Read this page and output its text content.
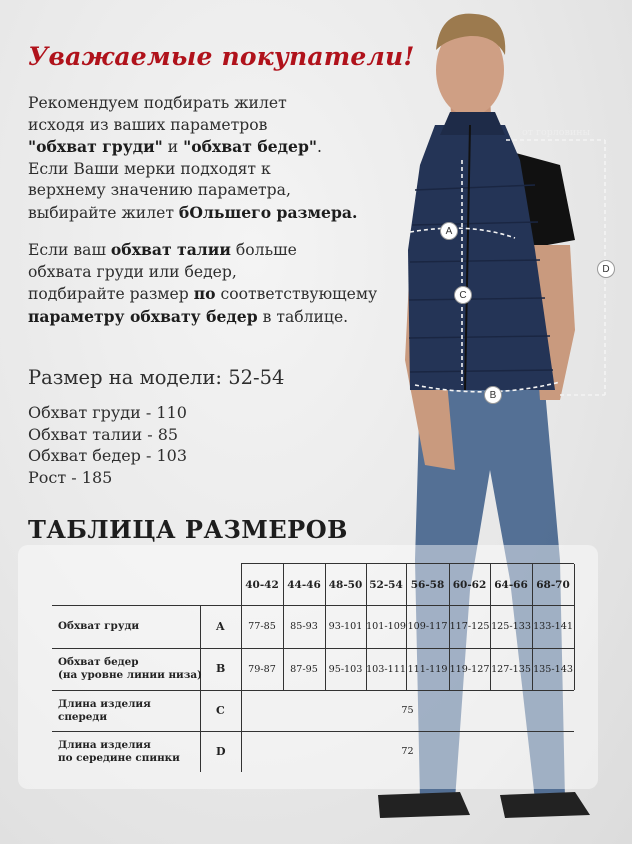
A
B
C
D
от горловины
Уважаемые покупатели!
Рекомендуем подбирать жилет
исходя из ваших параметров
"обхват груди" и "обхват бедер".
Если Ваши мерки подходят к
верхнему значению параметра,
выбирайте жилет бОльшего размера.
Если ваш обхват талии больше
обхвата груди или бедер,
подбирайте размер по соответствующему
параметру обхвату бедер в таблице.
Размер на модели: 52-54
Обхват груди - 110
Обхват талии - 85
Обхват бедер - 103
Рост - 185
ТАБЛИЦА РАЗМЕРОВ
40-42 44-46 48-50 52-54 56-58 60-62 64-66 68-70
Обхват груди	A	77-85	85-93	93-101 101-109 109-117 117-125 125-133 133-141
Обхват бедер
(на уровне линии низа) B	79-87	87-95	95-103 103-111 111-119 119-127 127-135 135-143
Длина изделия
спереди	C	75
Длина изделия
по середине спинки	D	72
